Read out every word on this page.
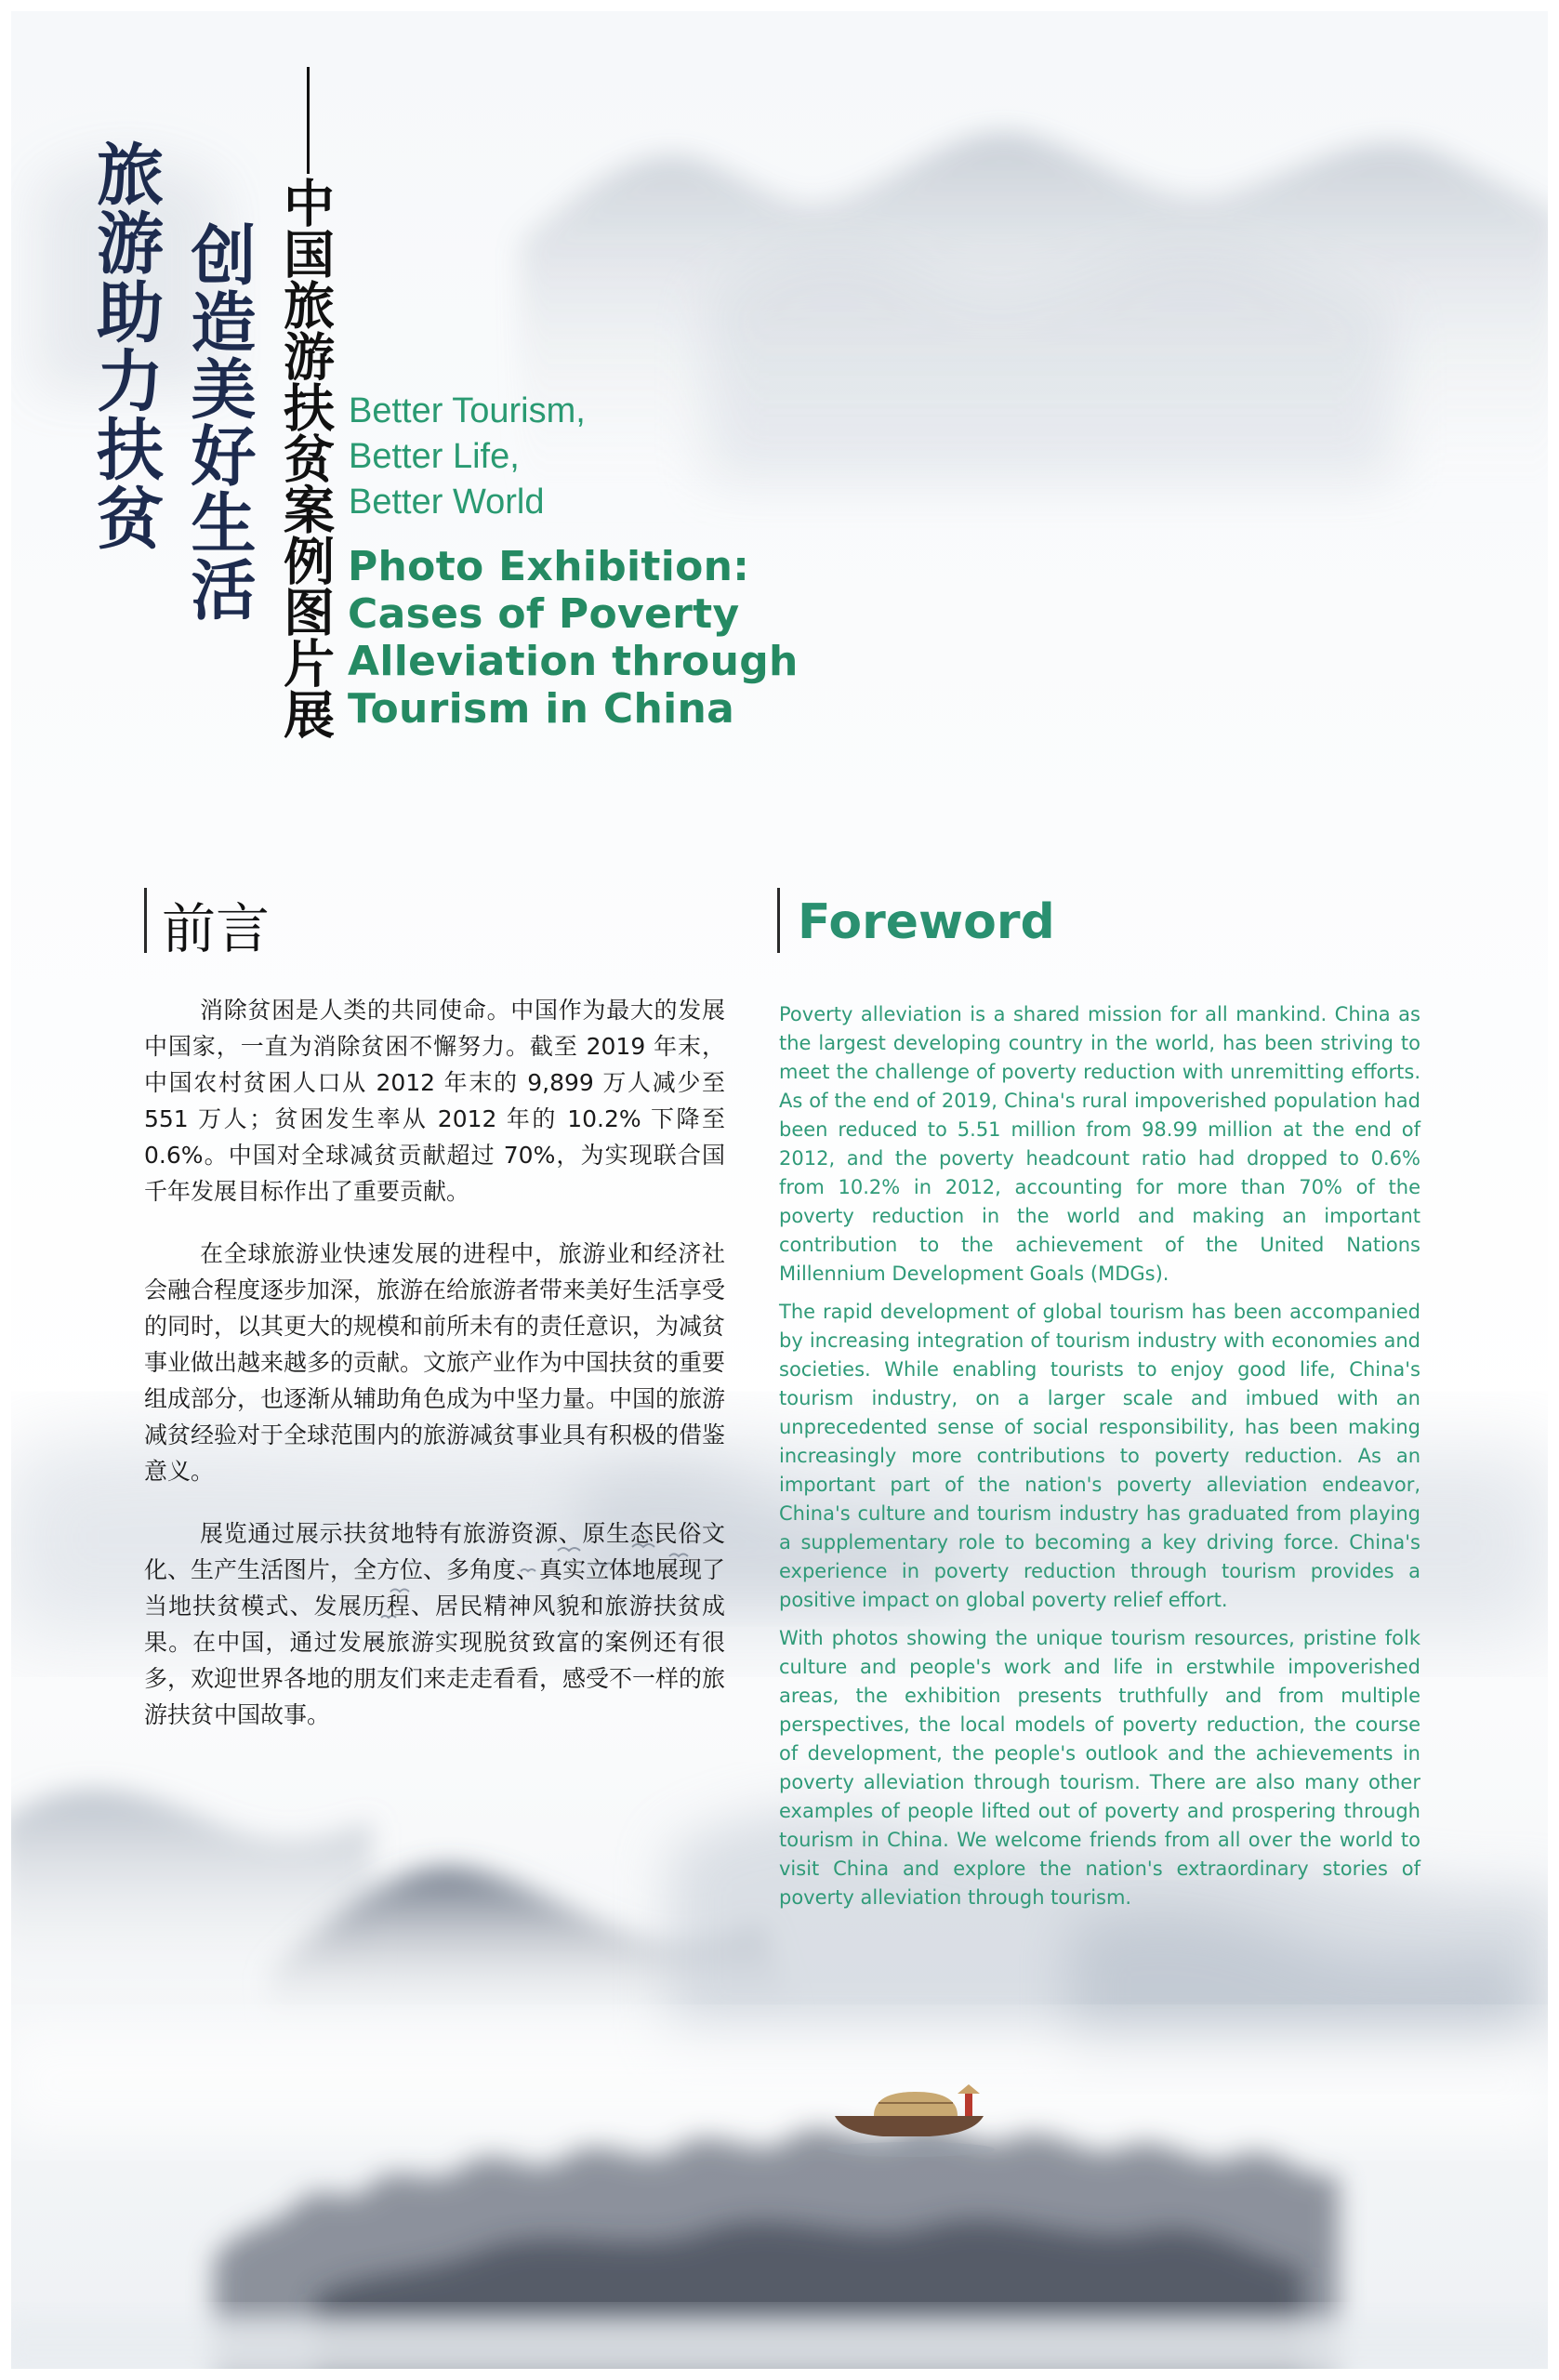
旅游助力扶贫 创造美好生活 中国旅游扶贫案例图片展 Better Tourism,
Better Life,
Better World
Photo Exhibition:
Cases of Poverty
Alleviation through
Tourism in China
前言	Foreword

消除贫困是人类的共同使命。中国作为最大的发展中国家，一直为消除贫困不懈努力。截至 2019 年末，中国农村贫困人口从 2012 年末的 9,899 万人减少至 551 万人；贫困发生率从 2012 年的 10.2% 下降至 0.6%。中国对全球减贫贡献超过 70%，为实现联合国千年发展目标作出了重要贡献。

在全球旅游业快速发展的进程中，旅游业和经济社会融合程度逐步加深，旅游在给旅游者带来美好生活享受的同时，以其更大的规模和前所未有的责任意识，为减贫事业做出越来越多的贡献。文旅产业作为中国扶贫的重要组成部分，也逐渐从辅助角色成为中坚力量。中国的旅游减贫经验对于全球范围内的旅游减贫事业具有积极的借鉴意义。

展览通过展示扶贫地特有旅游资源、原生态民俗文化、生产生活图片，全方位、多角度、真实立体地展现了当地扶贫模式、发展历程、居民精神风貌和旅游扶贫成果。在中国，通过发展旅游实现脱贫致富的案例还有很多，欢迎世界各地的朋友们来走走看看，感受不一样的旅游扶贫中国故事。

Poverty alleviation is a shared mission for all mankind. China as the largest developing country in the world, has been striving to meet the challenge of poverty reduction with unremitting efforts. As of the end of 2019, China's rural impoverished population had been reduced to 5.51 million from 98.99 million at the end of 2012, and the poverty headcount ratio had dropped to 0.6% from 10.2% in 2012, accounting for more than 70% of the poverty reduction in the world and making an important contribution to the achievement of the United Nations Millennium Development Goals (MDGs).

The rapid development of global tourism has been accompanied by increasing integration of tourism industry with economies and societies. While enabling tourists to enjoy good life, China's tourism industry, on a larger scale and imbued with an unprecedented sense of social responsibility, has been making increasingly more contributions to poverty reduction. As an important part of the nation's poverty alleviation endeavor, China's culture and tourism industry has graduated from playing a supplementary role to becoming a key driving force. China's experience in poverty reduction through tourism provides a positive impact on global poverty relief effort.

With photos showing the unique tourism resources, pristine folk culture and people's work and life in erstwhile impoverished areas, the exhibition presents truthfully and from multiple perspectives, the local models of poverty reduction, the course of development, the people's outlook and the achievements in poverty alleviation through tourism. There are also many other examples of people lifted out of poverty and prospering through tourism in China. We welcome friends from all over the world to visit China and explore the nation's extraordinary stories of poverty alleviation through tourism.
